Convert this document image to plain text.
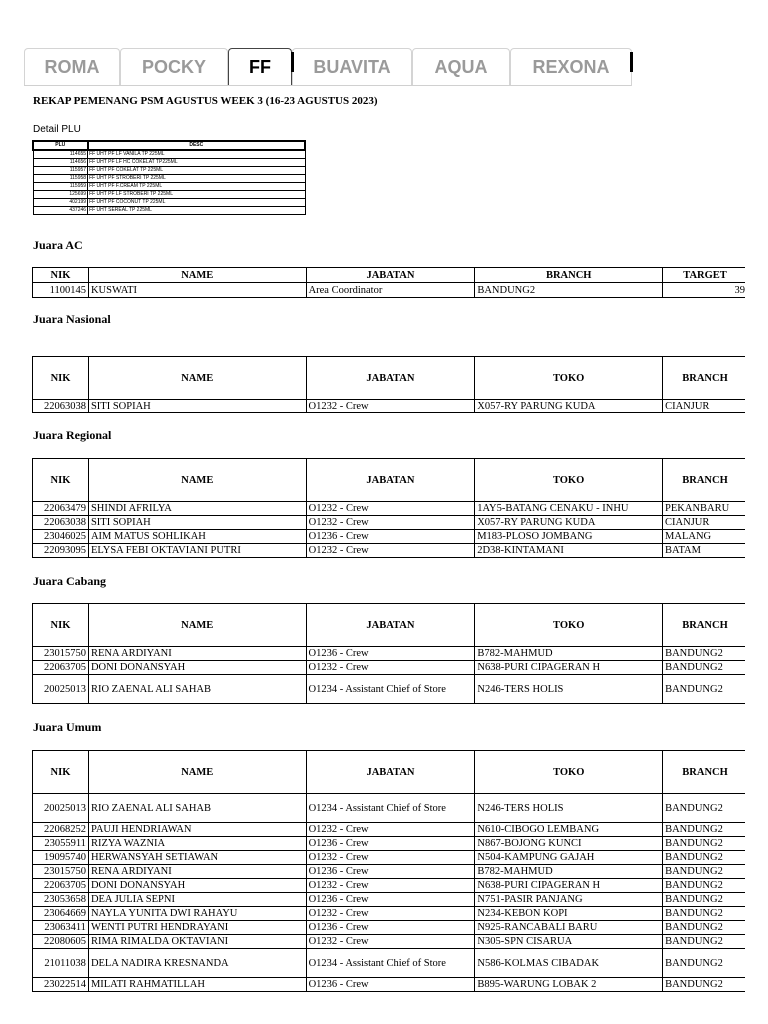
ROMA	POCKY	FF	BUAVITA	AQUA	REXONA
REKAP PEMENANG PSM AGUSTUS WEEK 3 (16-23 AGUSTUS 2023)
Detail PLU
PLU	DESC
114655	FF UHT PF LF VANILA TP 225ML
114656	FF UHT PF LF HC COKELAT TP225ML
115957	FF UHT PF COKELAT TP 225ML
115958	FF UHT PF STROBERI TP 225ML
115959	FF UHT PF F.CREAM TP 225ML
125699	FF UHT PF LF STROBERI TP 225ML
402199	FF UHT PF COCONUT TP 225ML
437246	FF UHT SEREAL TP 225ML
Juara AC
NIK	NAME	JABATAN	BRANCH	TARGET
1100145	KUSWATI	Area Coordinator	BANDUNG2	39
Juara Nasional
NIK	NAME	JABATAN	TOKO	BRANCH
22063038	SITI SOPIAH	O1232 - Crew	X057-RY PARUNG KUDA	CIANJUR
Juara Regional
NIK	NAME	JABATAN	TOKO	BRANCH
22063479	SHINDI AFRILYA	O1232 - Crew	1AY5-BATANG CENAKU - INHU	PEKANBARU
22063038	SITI SOPIAH	O1232 - Crew	X057-RY PARUNG KUDA	CIANJUR
23046025	AIM MATUS SOHLIKAH	O1236 - Crew	M183-PLOSO JOMBANG	MALANG
22093095	ELYSA FEBI OKTAVIANI PUTRI	O1232 - Crew	2D38-KINTAMANI	BATAM
Juara Cabang
NIK	NAME	JABATAN	TOKO	BRANCH
23015750	RENA ARDIYANI	O1236 - Crew	B782-MAHMUD	BANDUNG2
22063705	DONI DONANSYAH	O1232 - Crew	N638-PURI CIPAGERAN H	BANDUNG2
20025013	RIO ZAENAL ALI SAHAB	O1234 - Assistant Chief of Store	N246-TERS HOLIS	BANDUNG2
Juara Umum
NIK	NAME	JABATAN	TOKO	BRANCH
20025013	RIO ZAENAL ALI SAHAB	O1234 - Assistant Chief of Store	N246-TERS HOLIS	BANDUNG2
22068252	PAUJI HENDRIAWAN	O1232 - Crew	N610-CIBOGO LEMBANG	BANDUNG2
23055911	RIZYA WAZNIA	O1236 - Crew	N867-BOJONG KUNCI	BANDUNG2
19095740	HERWANSYAH SETIAWAN	O1232 - Crew	N504-KAMPUNG GAJAH	BANDUNG2
23015750	RENA ARDIYANI	O1236 - Crew	B782-MAHMUD	BANDUNG2
22063705	DONI DONANSYAH	O1232 - Crew	N638-PURI CIPAGERAN H	BANDUNG2
23053658	DEA JULIA SEPNI	O1236 - Crew	N751-PASIR PANJANG	BANDUNG2
23064669	NAYLA YUNITA DWI RAHAYU	O1232 - Crew	N234-KEBON KOPI	BANDUNG2
23063411	WENTI PUTRI HENDRAYANI	O1236 - Crew	N925-RANCABALI BARU	BANDUNG2
22080605	RIMA RIMALDA OKTAVIANI	O1232 - Crew	N305-SPN CISARUA	BANDUNG2
21011038	DELA NADIRA KRESNANDA	O1234 - Assistant Chief of Store	N586-KOLMAS CIBADAK	BANDUNG2
23022514	MILATI RAHMATILLAH	O1236 - Crew	B895-WARUNG LOBAK 2	BANDUNG2
